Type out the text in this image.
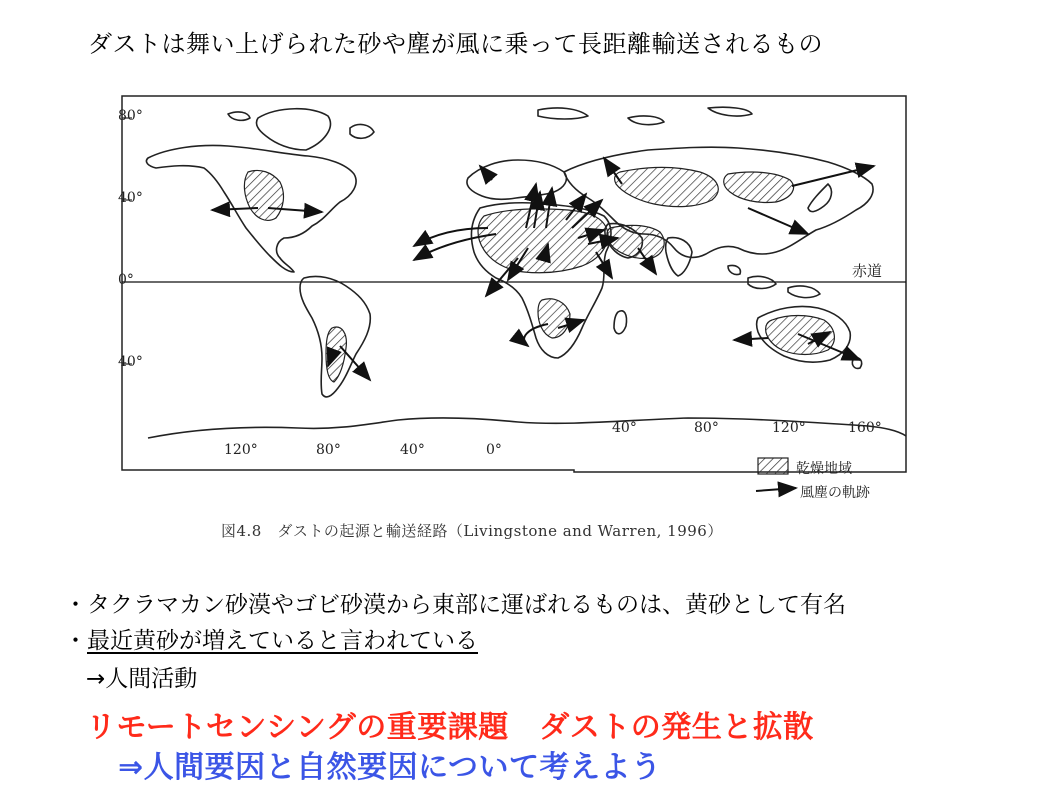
ダストは舞い上げられた砂や塵が風に乗って長距離輸送されるもの
80°
40°
0°
40°
120°	80°	40°	0°
40°	80°	120°	160°
赤道
乾燥地域
風塵の軌跡
図4.8　ダストの起源と輸送経路（Livingstone and Warren, 1996）
・タクラマカン砂漠やゴビ砂漠から東部に運ばれるものは、黄砂として有名
・最近黄砂が増えていると言われている
→人間活動
リモートセンシングの重要課題　ダストの発生と拡散
⇒人間要因と自然要因について考えよう
